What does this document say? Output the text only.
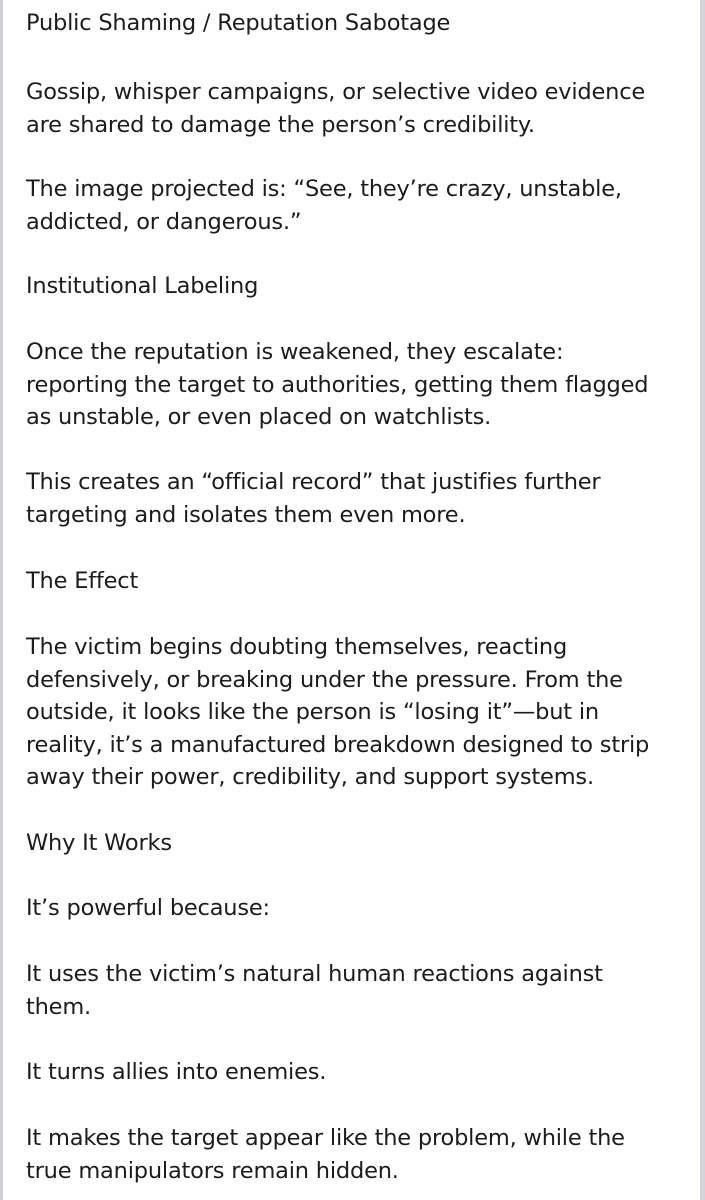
Public Shaming / Reputation Sabotage

Gossip, whisper campaigns, or selective video evidence
are shared to damage the person’s credibility.

The image projected is: “See, they’re crazy, unstable,
addicted, or dangerous.”

Institutional Labeling

Once the reputation is weakened, they escalate:
reporting the target to authorities, getting them flagged
as unstable, or even placed on watchlists.

This creates an “official record” that justifies further
targeting and isolates them even more.

The Effect

The victim begins doubting themselves, reacting
defensively, or breaking under the pressure. From the
outside, it looks like the person is “losing it”—but in
reality, it’s a manufactured breakdown designed to strip
away their power, credibility, and support systems.

Why It Works

It’s powerful because:

It uses the victim’s natural human reactions against
them.

It turns allies into enemies.

It makes the target appear like the problem, while the
true manipulators remain hidden.
